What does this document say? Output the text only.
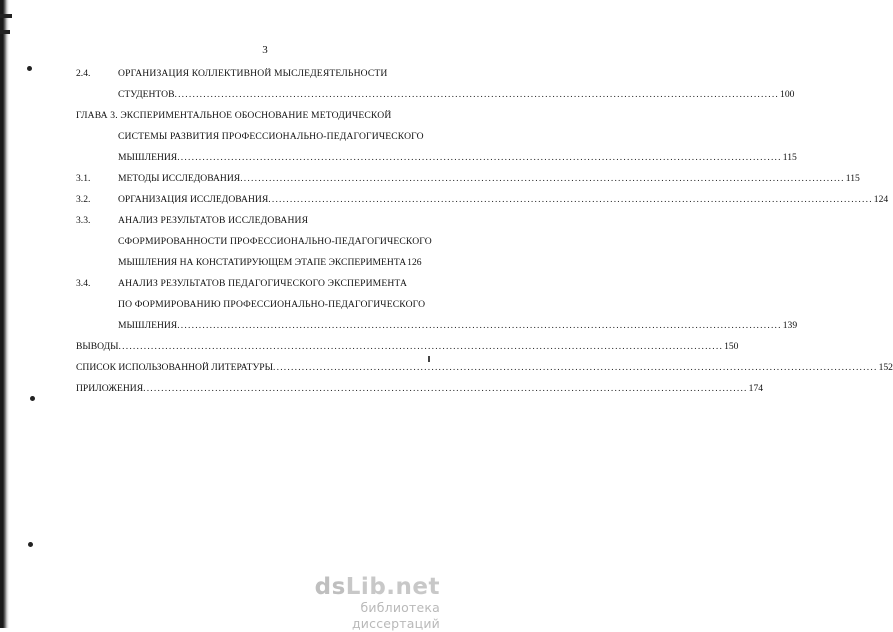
3
2.4.	ОРГАНИЗАЦИЯ КОЛЛЕКТИВНОЙ МЫСЛЕДЕЯТЕЛЬНОСТИ
СТУДЕНТОВ ........................................................................................................................................................................ 100
ГЛАВА 3. ЭКСПЕРИМЕНТАЛЬНОЕ ОБОСНОВАНИЕ МЕТОДИЧЕСКОЙ
СИСТЕМЫ РАЗВИТИЯ ПРОФЕССИОНАЛЬНО-ПЕДАГОГИЧЕСКОГО
МЫШЛЕНИЯ ........................................................................................................................................................................ 115
3.1.	МЕТОДЫ ИССЛЕДОВАНИЯ ........................................................................................................................................................................ 115
3.2.	ОРГАНИЗАЦИЯ ИССЛЕДОВАНИЯ ........................................................................................................................................................................ 124
3.3.	АНАЛИЗ РЕЗУЛЬТАТОВ ИССЛЕДОВАНИЯ
СФОРМИРОВАННОСТИ ПРОФЕССИОНАЛЬНО-ПЕДАГОГИЧЕСКОГО
МЫШЛЕНИЯ НА КОНСТАТИРУЮЩЕМ ЭТАПЕ ЭКСПЕРИМЕНТА 126
3.4.	АНАЛИЗ РЕЗУЛЬТАТОВ ПЕДАГОГИЧЕСКОГО ЭКСПЕРИМЕНТА
ПО ФОРМИРОВАНИЮ ПРОФЕССИОНАЛЬНО-ПЕДАГОГИЧЕСКОГО
МЫШЛЕНИЯ ........................................................................................................................................................................ 139
ВЫВОДЫ ........................................................................................................................................................................ 150
СПИСОК ИСПОЛЬЗОВАННОЙ ЛИТЕРАТУРЫ ........................................................................................................................................................................ 152
ПРИЛОЖЕНИЯ ........................................................................................................................................................................ 174
dsLib.net
библиотека диссертаций
